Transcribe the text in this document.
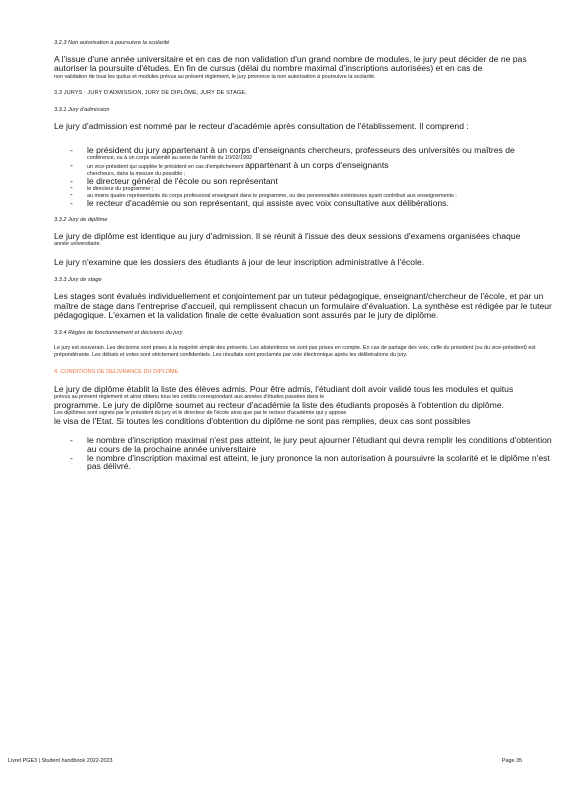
3.2.3 Non autorisation à poursuivre la scolarité
A l'issue d'une année universitaire et en cas de non validation d'un grand nombre de modules, le jury peut décider de ne pas autoriser la poursuite d'études. En fin de cursus (délai du nombre maximal d'inscriptions autorisées) et en cas de
non validation de tous les quitus et modules prévus au présent règlement, le jury prononce la non autorisation à poursuivre la scolarité.
3.3 JURYS : JURY D'ADMISSION, JURY DE DIPLÔME, JURY DE STAGE.
3.3.1 Jury d'admission
Le jury d'admission est nommé par le recteur d'académie après consultation de l'établissement. Il comprend :
- le président du jury appartenant à un corps d'enseignants chercheurs, professeurs des universités ou maîtres de
conférence, ou à un corps assimilé au sens de l'arrêté du 10/02/1992
- un vice-président qui supplée le président en cas d'empêchement appartenant à un corps d'enseignants
chercheurs, dans la mesure du possible ;
- le directeur général de l'école ou son représentant
- le directeur du programme ;
- au moins quatre représentants du corps professoral enseignant dans le programme, ou des personnalités extérieures ayant contribué aux enseignements ;
- le recteur d'académie ou son représentant, qui assiste avec voix consultative aux délibérations.
3.3.2 Jury de diplôme
Le jury de diplôme est identique au jury d'admission. Il se réunit à l'issue des deux sessions d'examens organisées chaque
année universitaire.
Le jury n'examine que les dossiers des étudiants à jour de leur inscription administrative à l'école.
3.3.3 Jury de stage
Les stages sont évalués individuellement et conjointement par un tuteur pédagogique, enseignant/chercheur de l'école, et par un maître de stage dans l'entreprise d'accueil, qui remplissent chacun un formulaire d'évaluation. La synthèse est rédigée par le tuteur pédagogique. L'examen et la validation finale de cette évaluation sont assurés par le jury de diplôme.
3.3.4 Règles de fonctionnement et décisions du jury
Le jury est souverain. Les décisions sont prises à la majorité simple des présents. Les abstentions ne sont pas prises en compte. En cas de partage des voix, celle du président (ou du vice-président) est prépondérante. Les débats et votes sont strictement confidentiels. Les résultats sont proclamés par voie électronique après les délibérations du jury.
4. CONDITIONS DE DELIVRANCE DU DIPLOME
Le jury de diplôme établit la liste des élèves admis. Pour être admis, l'étudiant doit avoir validé tous les modules et quitus
prévus au présent règlement et ainsi obtenu tous les crédits correspondant aux années d'études passées dans le
programme. Le jury de diplôme soumet au recteur d'académie la liste des étudiants proposés à l'obtention du diplôme.
Les diplômes sont signés par le président du jury et le directeur de l'école ainsi que par le recteur d'académie qui y appose
le visa de l'Etat. Si toutes les conditions d'obtention du diplôme ne sont pas remplies, deux cas sont possibles
- le nombre d'inscription maximal n'est pas atteint, le jury peut ajourner l'étudiant qui devra remplir les conditions d'obtention au cours de la prochaine année universitaire
- le nombre d'inscription maximal est atteint, le jury prononce la non autorisation à poursuivre la scolarité et le diplôme n'est pas délivré.
Livret PGE3 | Student handbook 2022-2023	Page 35
